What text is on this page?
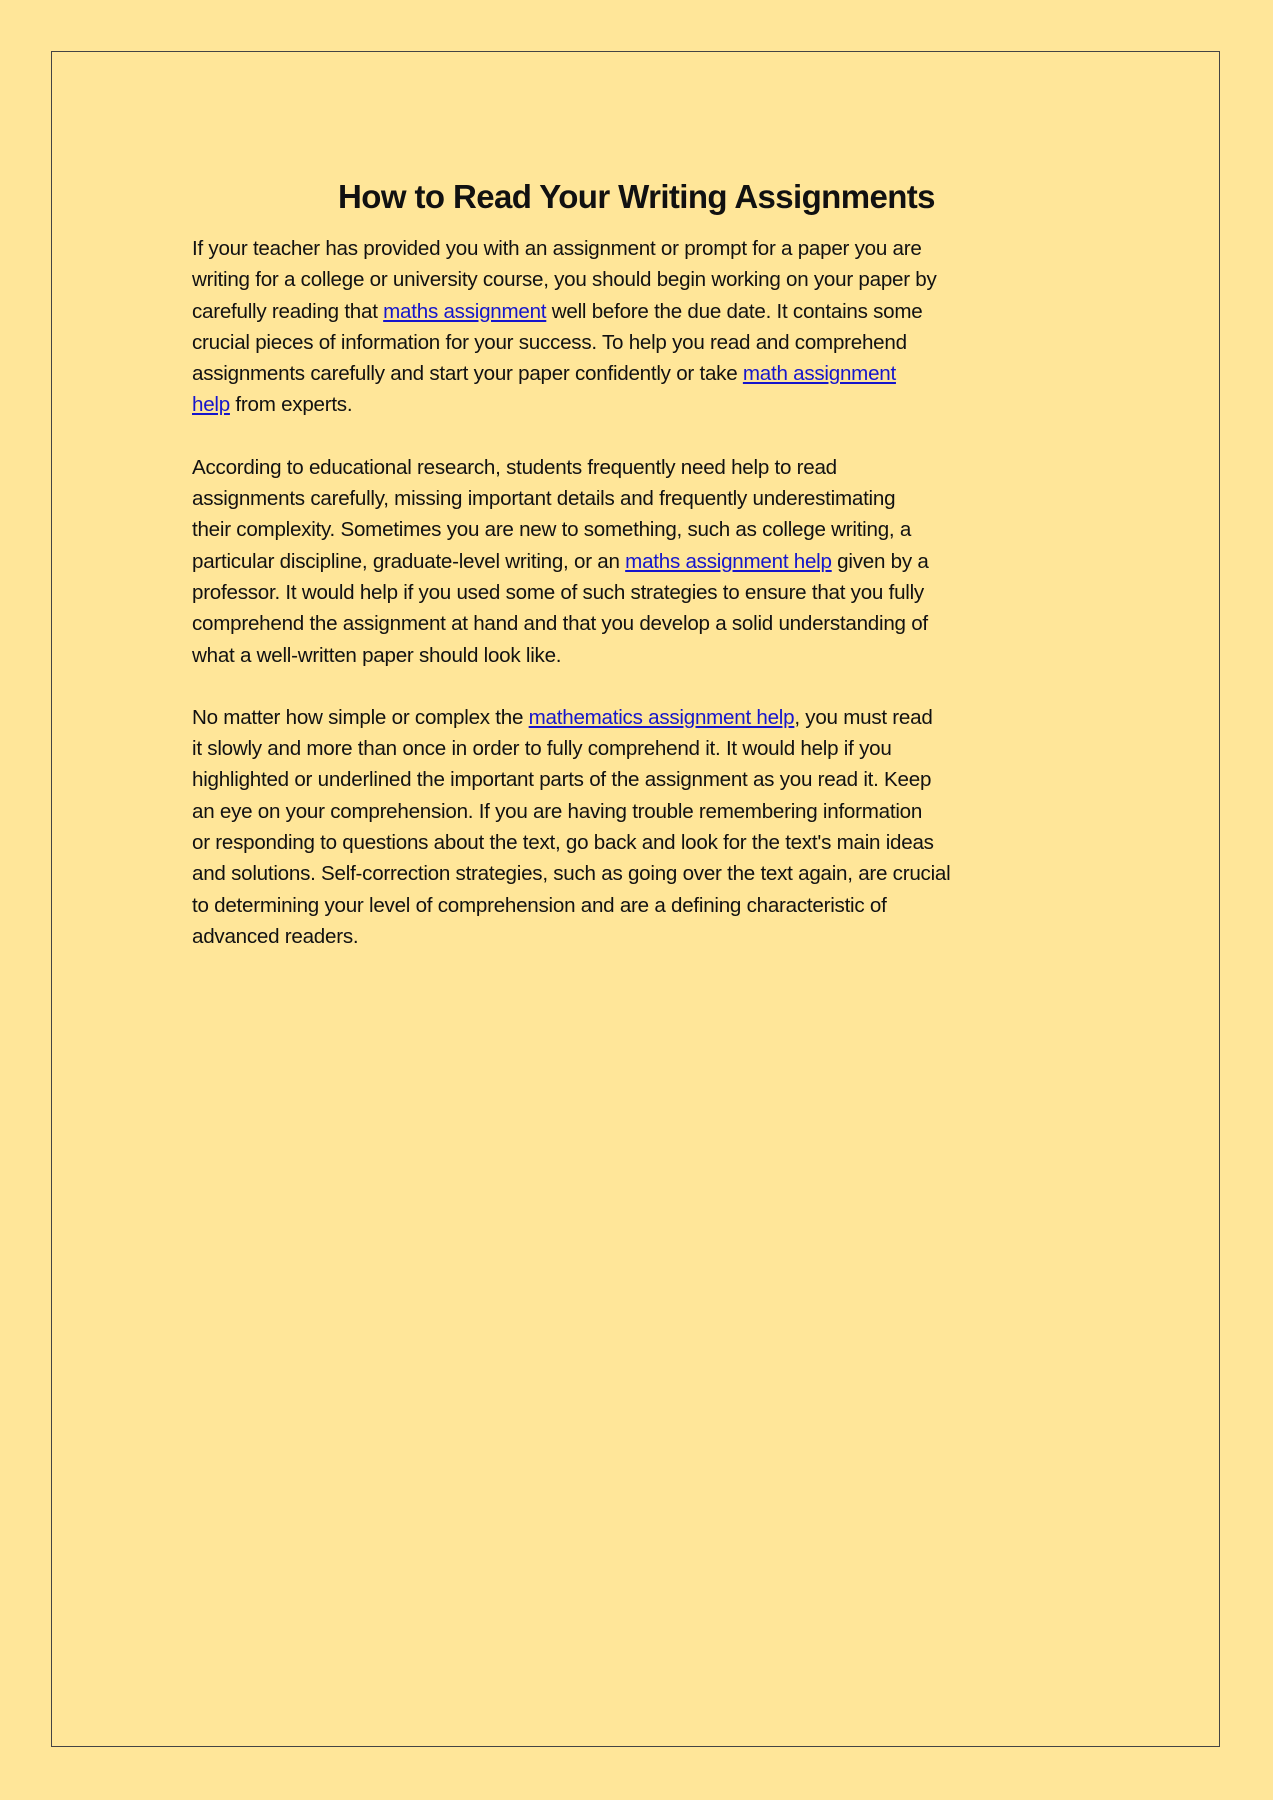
How to Read Your Writing Assignments
If your teacher has provided you with an assignment or prompt for a paper you are
writing for a college or university course, you should begin working on your paper by
carefully reading that maths assignment well before the due date. It contains some
crucial pieces of information for your success. To help you read and comprehend
assignments carefully and start your paper confidently or take math assignment
help from experts.
According to educational research, students frequently need help to read
assignments carefully, missing important details and frequently underestimating
their complexity. Sometimes you are new to something, such as college writing, a
particular discipline, graduate-level writing, or an maths assignment help given by a
professor. It would help if you used some of such strategies to ensure that you fully
comprehend the assignment at hand and that you develop a solid understanding of
what a well-written paper should look like.
No matter how simple or complex the mathematics assignment help, you must read
it slowly and more than once in order to fully comprehend it. It would help if you
highlighted or underlined the important parts of the assignment as you read it. Keep
an eye on your comprehension. If you are having trouble remembering information
or responding to questions about the text, go back and look for the text's main ideas
and solutions. Self-correction strategies, such as going over the text again, are crucial
to determining your level of comprehension and are a defining characteristic of
advanced readers.
